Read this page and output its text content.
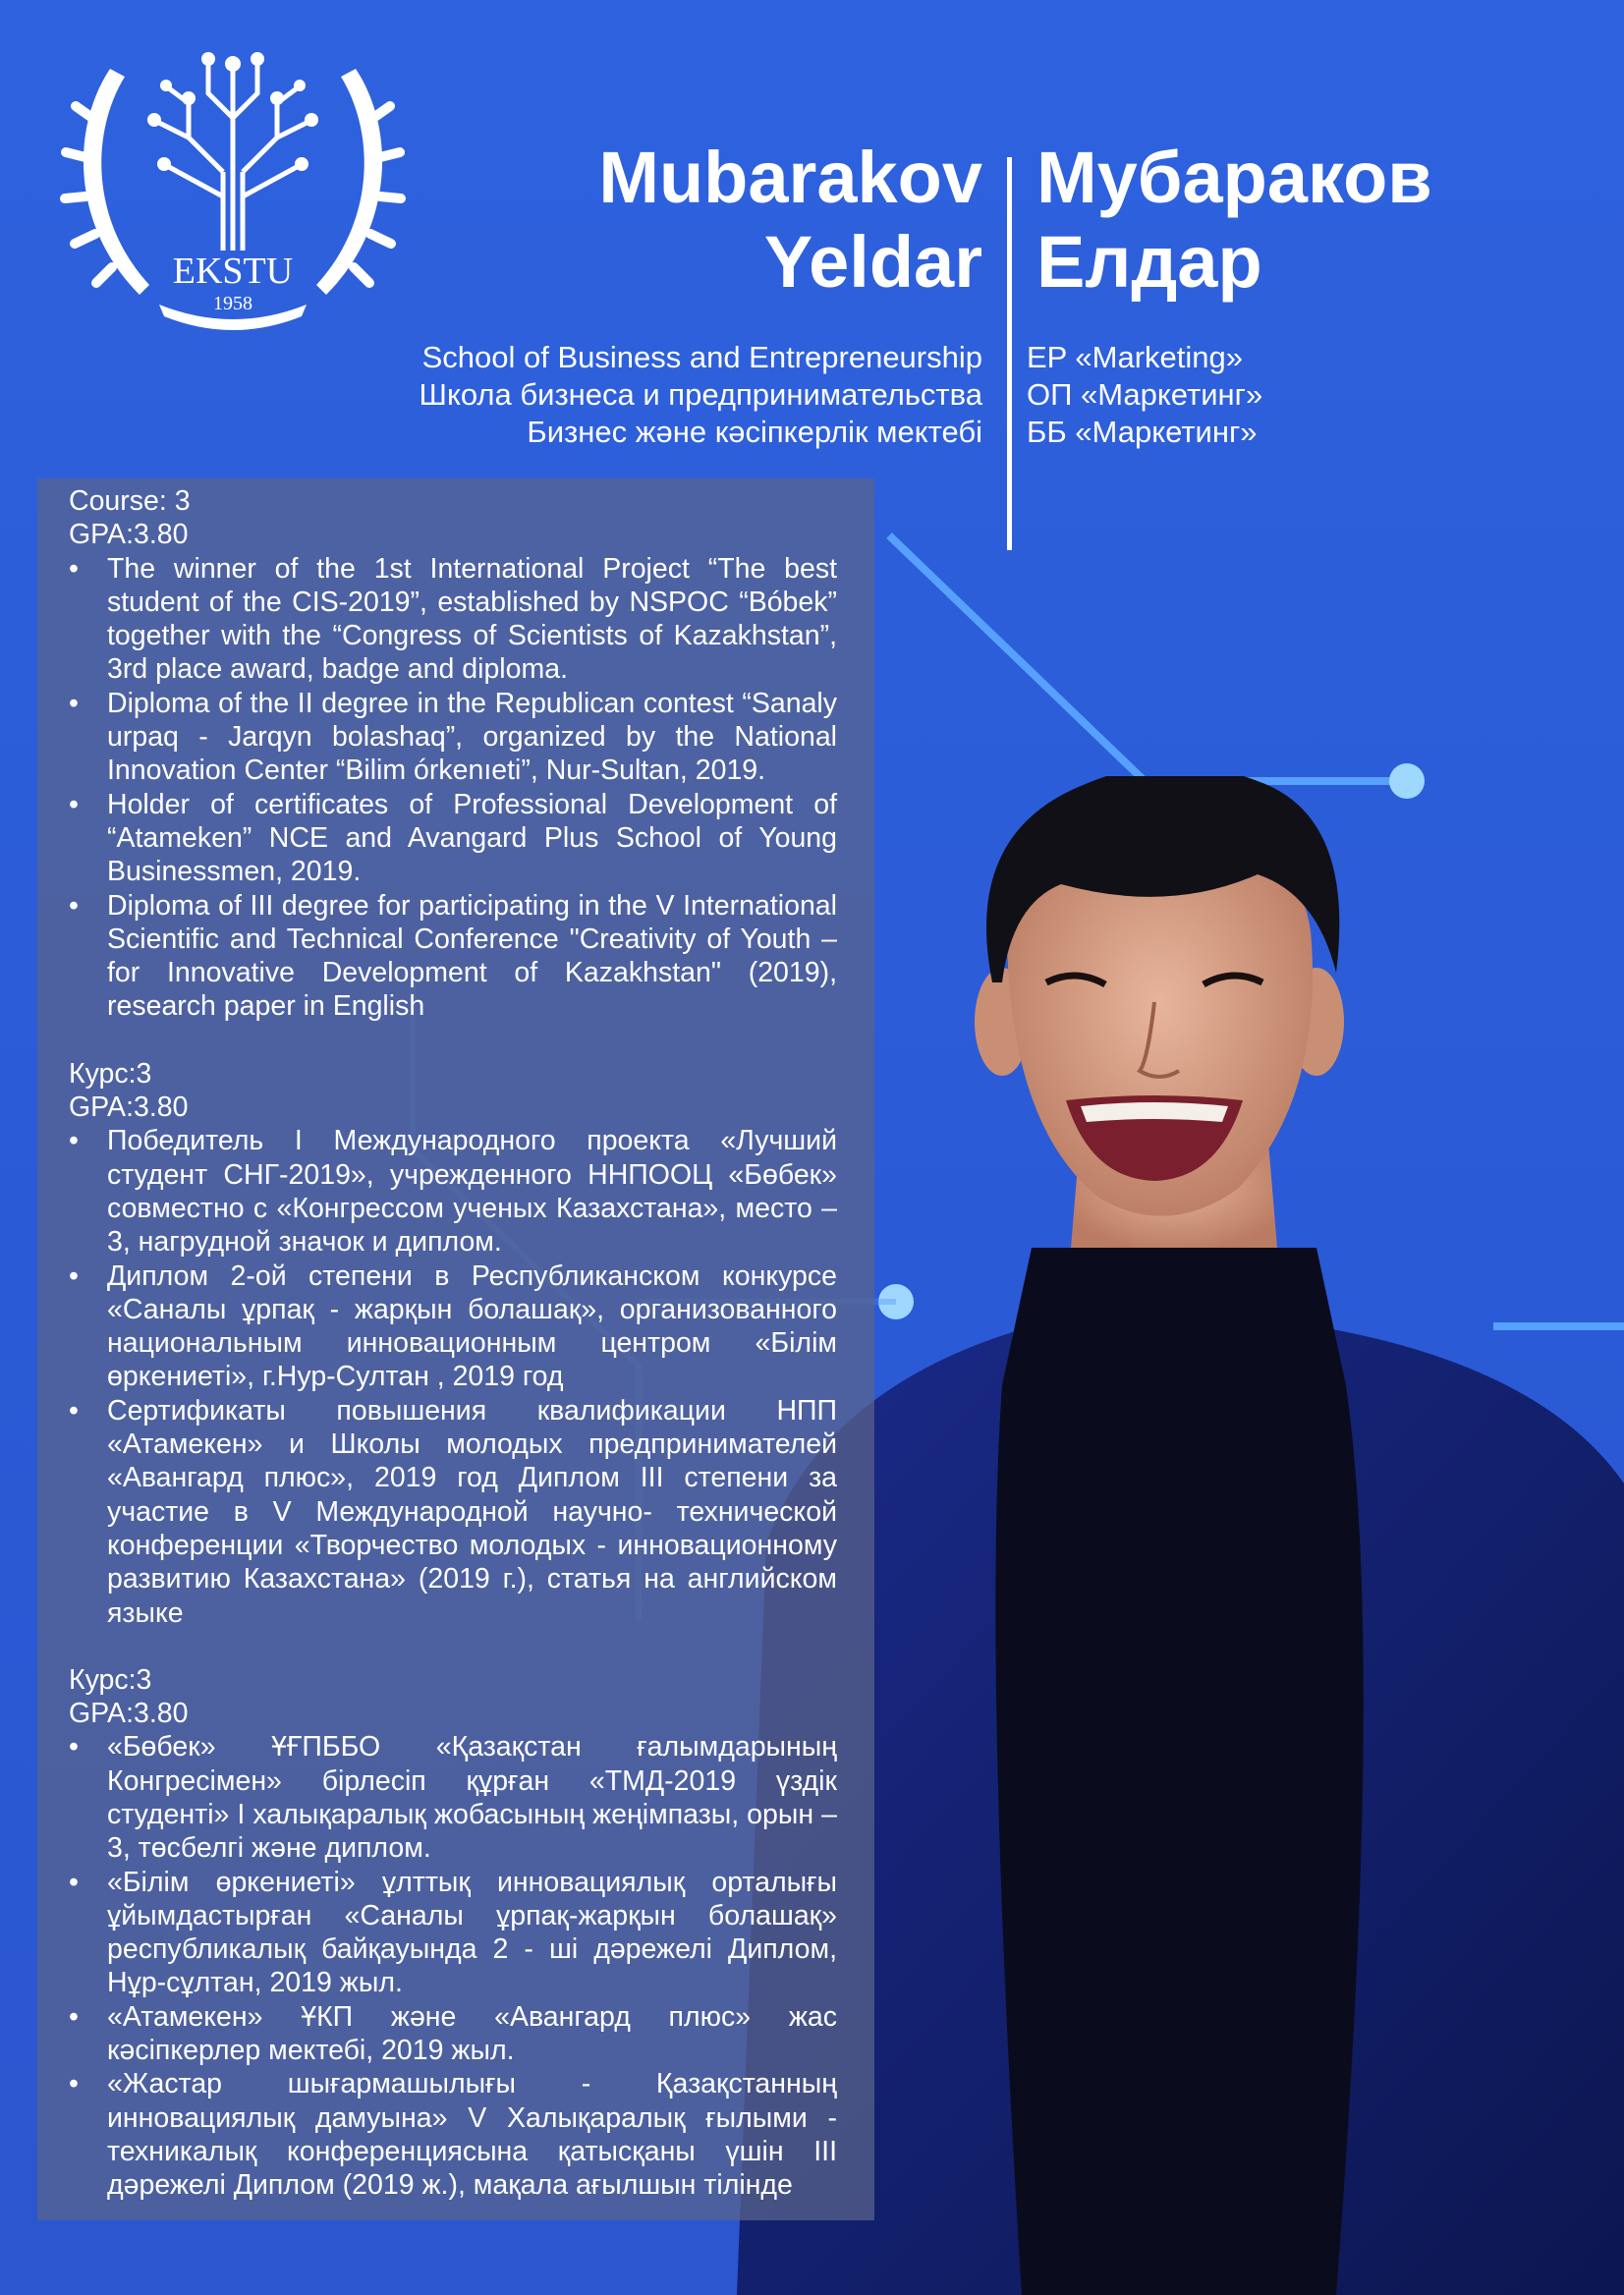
EKSTU
1958
Mubarakov
Yeldar
Мубараков
Елдар
School of Business and Entrepreneurship
Школа бизнеса и предпринимательства
Бизнес және кәсіпкерлік мектебі
EP «Marketing»
ОП «Маркетинг»
ББ «Маркетинг»
Course: 3
GPA:3.80
• The winner of the 1st International Project “The best student of the CIS-2019”, established by NSPOC “Bóbek” together with the “Congress of Scientists of Kazakhstan”, 3rd place award, badge and diploma.
• Diploma of the II degree in the Republican contest “Sanaly urpaq - Jarqyn bolashaq”, organized by the National Innovation Center “Bilim órkenıeti”, Nur-Sultan, 2019.
• Holder of certificates of Professional Development of “Atameken” NCE and Avangard Plus School of Young Businessmen, 2019.
• Diploma of III degree for participating in the V International Scientific and Technical Conference "Creativity of Youth – for Innovative Development of Kazakhstan" (2019), research paper in English
Курс:3
GPA:3.80
• Победитель I Международного проекта «Лучший студент СНГ-2019», учрежденного ННПООЦ «Бөбек» совместно с «Конгрессом ученых Казахстана», место – 3, нагрудной значок и диплом.
• Диплом 2-ой степени в Республиканском конкурсе «Саналы ұрпақ - жарқын болашақ», организованного национальным инновационным центром «Білім өркениеті», г.Нур-Султан , 2019 год
• Сертификаты повышения квалификации НПП «Атамекен» и Школы молодых предпринимателей «Авангард плюс», 2019 год Диплом III степени за участие в V Международной научно- технической конференции «Творчество молодых - инновационному развитию Казахстана» (2019 г.), статья на английском языке
Курс:3
GPA:3.80
• «Бөбек» ҰҒПББО «Қазақстан ғалымдарының Конгресімен» бірлесіп құрған «ТМД-2019 үздік студенті» I халықаралық жобасының жеңімпазы, орын – 3, төсбелгі және диплом.
• «Білім өркениеті» ұлттық инновациялық орталығы ұйымдастырған «Саналы ұрпақ-жарқын болашақ» республикалық байқауында 2 - ші дәрежелі Диплом, Нұр-сұлтан, 2019 жыл.
• «Атамекен» ҰКП және «Авангард плюс» жас кәсіпкерлер мектебі, 2019 жыл.
• «Жастар шығармашылығы - Қазақстанның инновациялық дамуына» V Халықаралық ғылыми - техникалық конференциясына қатысқаны үшін III дәрежелі Диплом (2019 ж.), мақала ағылшын тілінде
